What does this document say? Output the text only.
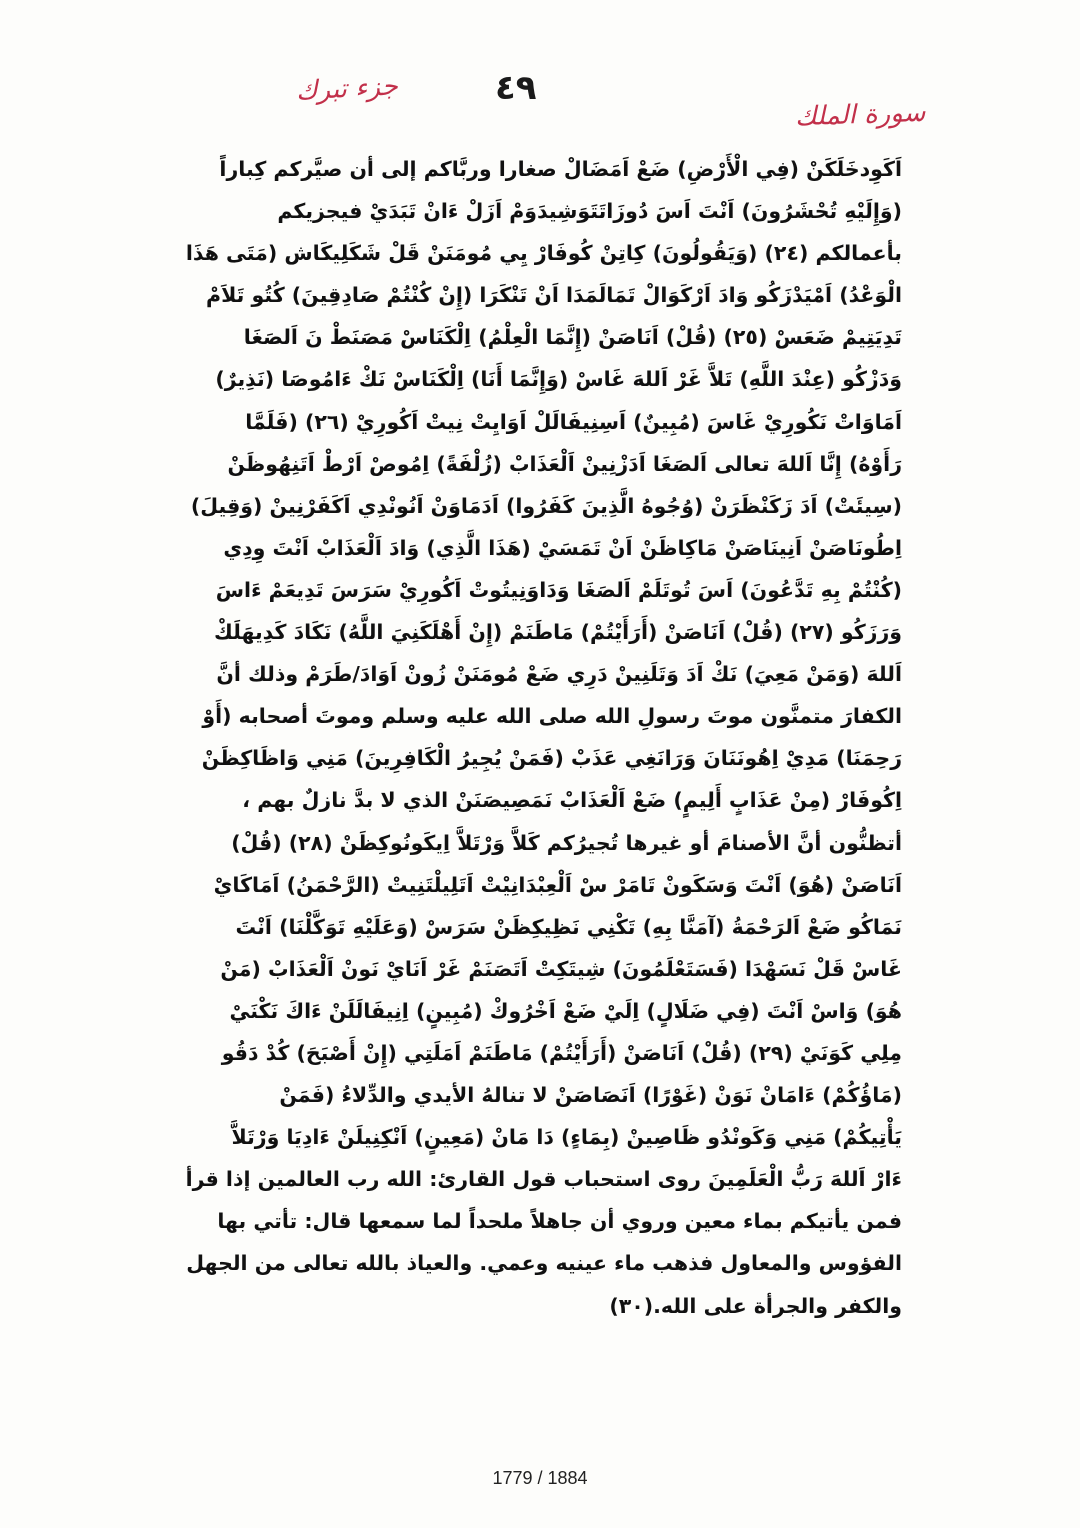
جزء تبرك	٤٩
سورة الملك
اَكَوِدخَلَكَنْ (فِي الْأَرْضِ) ضَعْ اَمَضَالْ صغارا وربَّاكم إلى أن صيَّركم كِباراً
(وَإِلَيْهِ تُحْشَرُونَ) اَنْتَ اَسَ دُوزَاتَتَوَشِيدَوَمْ اَزَلْ ءَانْ تَبَدَيْ فيجزيكم
بأعمالكم (٢٤) (وَيَقُولُونَ) كِاتِنْ كُوفَارْ يِي مُومَنَنْ قَلْ شَكَلِيكَاش (مَتَى هَذَا
الْوَعْدُ) اَمْيَدْزَكُو وَادَ اَرْكَوَالْ تَمَالَمَدَا اَنْ تَنْكَرَا (إِنْ كُنْتُمْ صَادِقِينَ) كُتُو تَلاَمْ
تَدِيَتِيمْ ضَعَسْ (٢٥) (قُلْ) اَنَاصَنْ (إِنَّمَا الْعِلْمُ) اِلْكَنَاسْ مَصَنَطْ نَ اَلصَغَا
وَدَزْكُو (عِنْدَ اللَّهِ) تَلاَّ غَرْ اَللهَ غَاسْ (وَإِنَّمَا أَنَا) اِلْكَنَاسْ نَكْ ءَامُوصَا (نَذِيرٌ)
اَمَاوَاتْ نَكُورِيْ غَاسَ (مُبِينٌ) اَسِنِيفَالَلْ اَوَايِتْ نِيتْ اَكُورِيْ (٢٦) (فَلَمَّا
رَأَوْهُ) إِنَّا اَللهَ تعالى اَلصَغَا اَدَزْنِينْ اَلْعَذَابْ (زُلْفَةً) اِمُوصْ اَرْطْ اَتَنِهُوظَنْ
(سِيئَتْ) اَدَ زَكَنْظَرَنْ (وُجُوهُ الَّذِينَ كَفَرُوا) اَدَمَاوَنْ اَنُونْدِي اَكَفَرْنِينْ (وَقِيلَ)
اِطُونَاصَنْ اَنِينَاصَنْ مَاكِاظَنْ اَنْ تَمَسَيْ (هَذَا الَّذِي) وَادَ اَلْعَذَابْ اَنْتَ وِدِي
(كُنْتُمْ بِهِ تَدَّعُونَ) اَسَ تُوتَلَمْ اَلصَغَا وَدَاوَنِيتُوتْ اَكُورِيْ سَرَسَ تَدِيعَمْ ءَاسَ
وَرَزَكُو (٢٧) (قُلْ) اَنَاصَنْ (أَرَأَيْتُمْ) مَاطَنَمْ (إِنْ أَهْلَكَنِيَ اللَّهُ) نَكَادَ كَدِيهَلَكْ
اَللهَ (وَمَنْ مَعِيَ) نَكْ اَدَ وَتَلَنِينْ دَرِي ضَعْ مُومَنَنْ زُونْ اَوَادَ/طَرَمْ وذلك أنَّ
الكفارَ متمنَّون موتَ رسولِ الله صلى الله عليه وسلم وموتَ أصحابه (أَوْ
رَحِمَنَا) مَدِيْ اِهُونَنَانَ وَرَانَغِي عَذَبْ (فَمَنْ يُجِيرُ الْكَافِرِينَ) مَنِي وَاظَاكِظَنْ
اِكُوفَارْ (مِنْ عَذَابٍ أَلِيمٍ) ضَعْ اَلْعَذَابْ نَمَصِيصَنَنْ الذي لا بدَّ نازلٌ بهم ،
أتظنُّون أنَّ الأصنامَ أو غيرها تُجيرُكم كَلاَّ وَرْتَلاَّ اِيكَونُوكِظَنْ (٢٨) (قُلْ)
اَنَاصَنْ (هُوَ) اَنْتَ وَسَكَونْ تَامَرْ سْ اَلْعِبْدَانِيْتْ اَتَلِيلْتَنِيتْ (الرَّحْمَنُ) اَمَاكَايْ
نَمَاكُو ضَعْ اَلرَحْمَةُ (آمَنَّا بِهِ) تَكْنِي نَظِيكِظَنْ سَرَسْ (وَعَلَيْهِ تَوَكَّلْنَا) اَنْتَ
غَاسْ قَلْ نَسَهْدَا (فَسَتَعْلَمُونَ) شِيتَكِتْ اَتَصَنَمْ غَرْ اَنَايْ نَونْ اَلْعَذَابْ (مَنْ
هُوَ) وَاسْ اَنْتَ (فِي ضَلَالٍ) اِلَيْ ضَعْ اَخْرُوكْ (مُبِينٍ) اِنِيفَالَلَنْ ءَاكَ نَكْنَيْ
مِلِي كَوَنَيْ (٢٩) (قُلْ) اَنَاصَنْ (أَرَأَيْتُمْ) مَاطَنَمْ اَمَلَتِي (إِنْ أَصْبَحَ) كُدْ دَقُو
(مَاؤُكُمْ) ءَامَانْ نَوَنْ (غَوْرًا) اَنَصَاصَنْ لا تنالهُ الأيدي والدِّلاءُ (فَمَنْ
يَأْتِيكُمْ) مَنِي وَكَونْدُو ظَاصِينْ (بِمَاءٍ) دَا مَانْ (مَعِينٍ) اَنْكِنِيلَنْ ءَادِيَا وَرْتَلاَّ
ءَارْ اَللهَ رَبُّ الْعَلَمِينَ روى استحباب قول القارئ: الله رب العالمين إذا قرأ
فمن يأتيكم بماء معين وروي أن جاهلاً ملحداً لما سمعها قال: تأتي بها
الفؤوس والمعاول فذهب ماء عينيه وعمي. والعياذ بالله تعالى من الجهل
والكفر والجرأة على الله.(٣٠)
1779 / 1884
